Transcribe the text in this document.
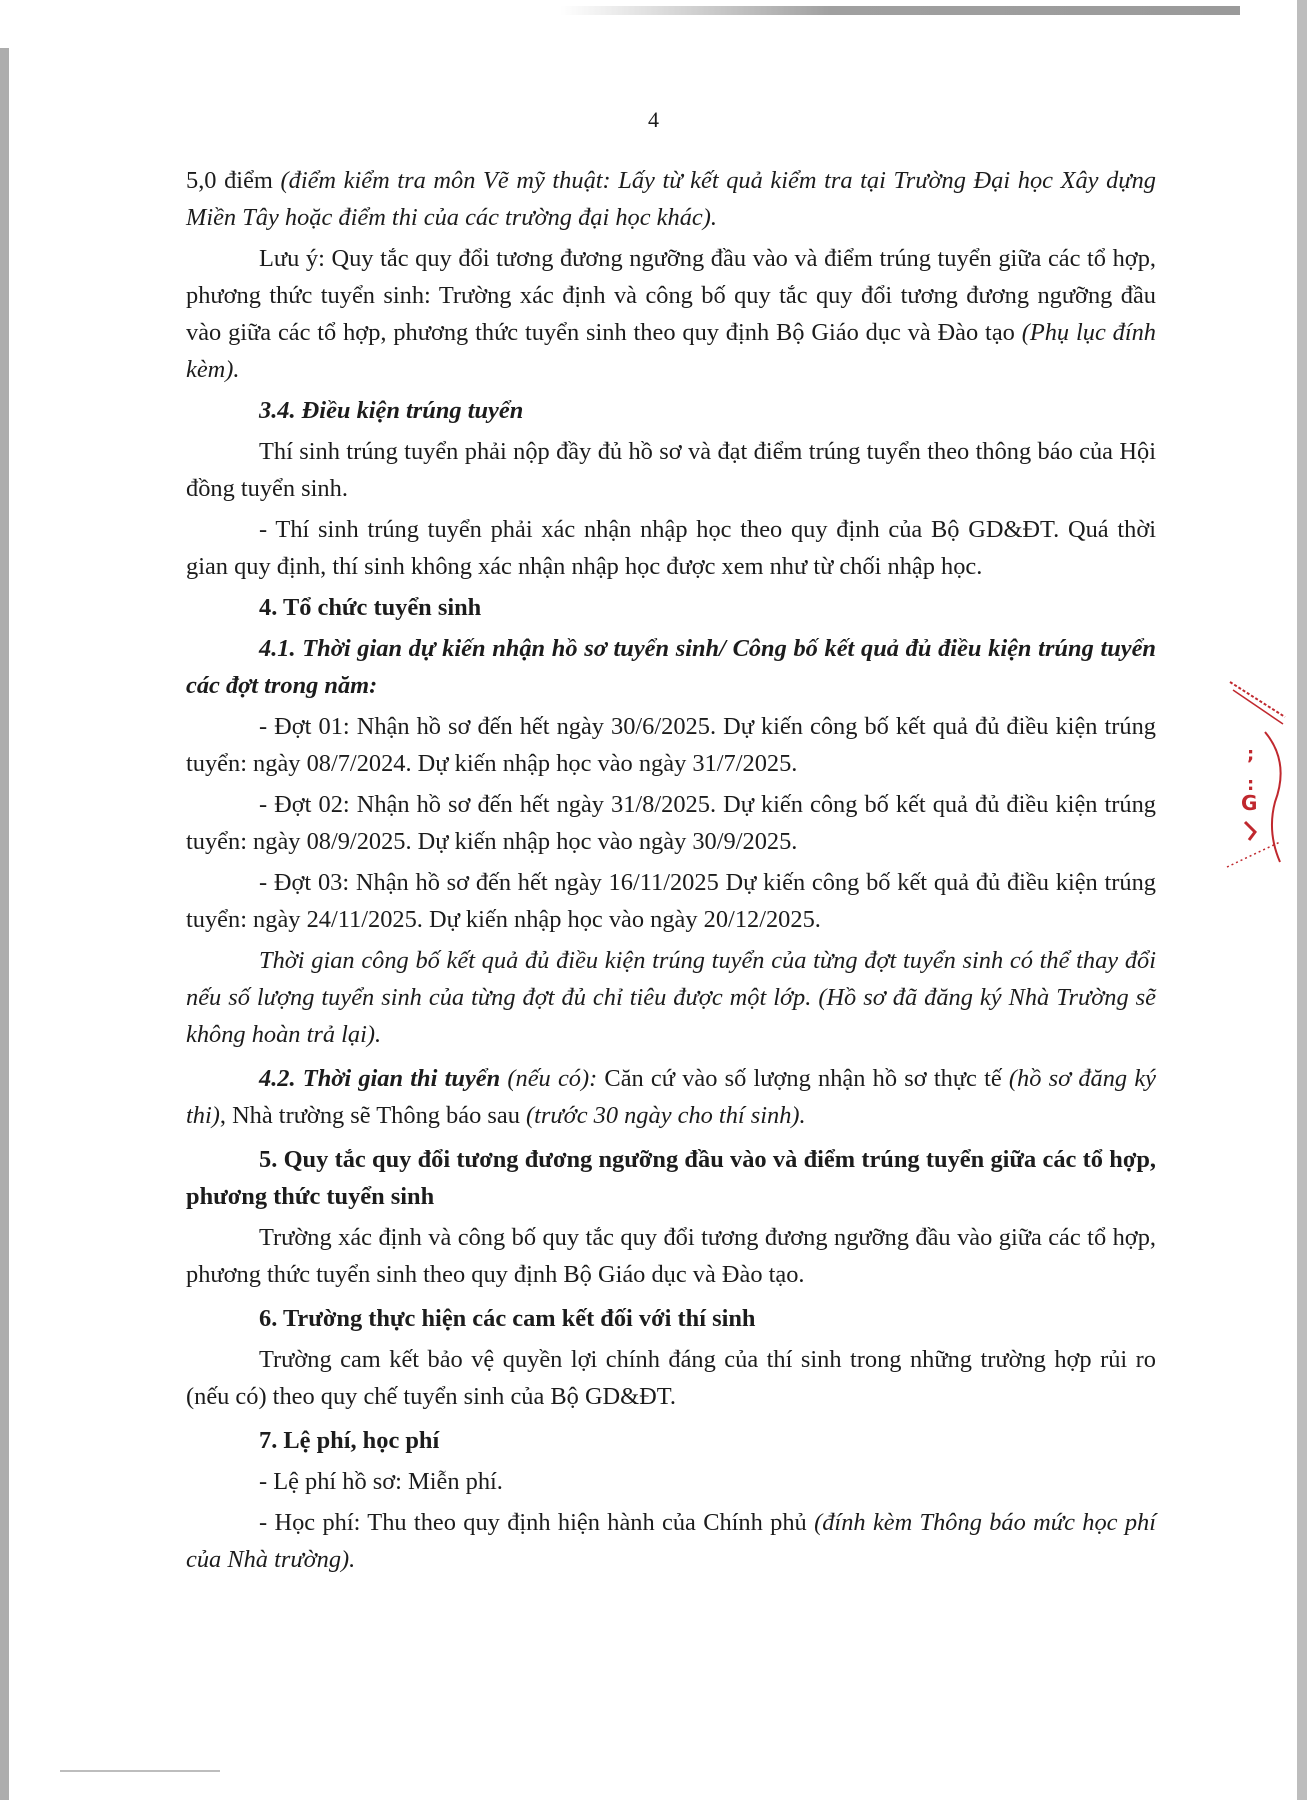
4

5,0 điểm (điểm kiểm tra môn Vẽ mỹ thuật: Lấy từ kết quả kiểm tra tại Trường Đại học Xây dựng Miền Tây hoặc điểm thi của các trường đại học khác).

Lưu ý: Quy tắc quy đổi tương đương ngưỡng đầu vào và điểm trúng tuyển giữa các tổ hợp, phương thức tuyển sinh: Trường xác định và công bố quy tắc quy đổi tương đương ngưỡng đầu vào giữa các tổ hợp, phương thức tuyển sinh theo quy định Bộ Giáo dục và Đào tạo (Phụ lục đính kèm).

3.4. Điều kiện trúng tuyển

Thí sinh trúng tuyển phải nộp đầy đủ hồ sơ và đạt điểm trúng tuyển theo thông báo của Hội đồng tuyển sinh.

- Thí sinh trúng tuyển phải xác nhận nhập học theo quy định của Bộ GD&ĐT. Quá thời gian quy định, thí sinh không xác nhận nhập học được xem như từ chối nhập học.

4. Tổ chức tuyển sinh

4.1. Thời gian dự kiến nhận hồ sơ tuyển sinh/ Công bố kết quả đủ điều kiện trúng tuyển các đợt trong năm:

- Đợt 01: Nhận hồ sơ đến hết ngày 30/6/2025. Dự kiến công bố kết quả đủ điều kiện trúng tuyển: ngày 08/7/2024. Dự kiến nhập học vào ngày 31/7/2025.

- Đợt 02: Nhận hồ sơ đến hết ngày 31/8/2025. Dự kiến công bố kết quả đủ điều kiện trúng tuyển: ngày 08/9/2025. Dự kiến nhập học vào ngày 30/9/2025.

- Đợt 03: Nhận hồ sơ đến hết ngày 16/11/2025 Dự kiến công bố kết quả đủ điều kiện trúng tuyển: ngày 24/11/2025. Dự kiến nhập học vào ngày 20/12/2025.

Thời gian công bố kết quả đủ điều kiện trúng tuyển của từng đợt tuyển sinh có thể thay đổi nếu số lượng tuyển sinh của từng đợt đủ chỉ tiêu được một lớp. (Hồ sơ đã đăng ký Nhà Trường sẽ không hoàn trả lại).

4.2. Thời gian thi tuyển (nếu có): Căn cứ vào số lượng nhận hồ sơ thực tế (hồ sơ đăng ký thi), Nhà trường sẽ Thông báo sau (trước 30 ngày cho thí sinh).

5. Quy tắc quy đổi tương đương ngưỡng đầu vào và điểm trúng tuyển giữa các tổ hợp, phương thức tuyển sinh

Trường xác định và công bố quy tắc quy đổi tương đương ngưỡng đầu vào giữa các tổ hợp, phương thức tuyển sinh theo quy định Bộ Giáo dục và Đào tạo.

6. Trường thực hiện các cam kết đối với thí sinh

Trường cam kết bảo vệ quyền lợi chính đáng của thí sinh trong những trường hợp rủi ro (nếu có) theo quy chế tuyển sinh của Bộ GD&ĐT.

7. Lệ phí, học phí

- Lệ phí hồ sơ: Miễn phí.

- Học phí: Thu theo quy định hiện hành của Chính phủ (đính kèm Thông báo mức học phí của Nhà trường).

;
:
G
